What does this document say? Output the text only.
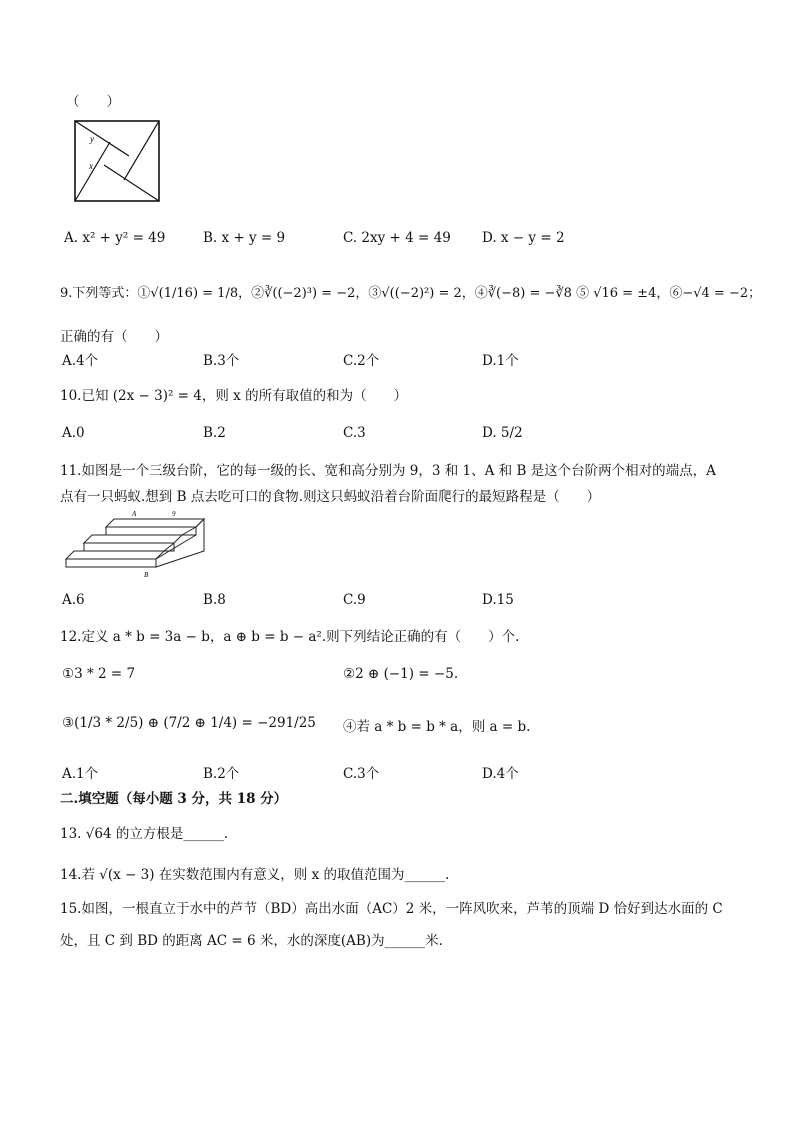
（　　）
y
x
A. x² + y² = 49	B. x + y = 9	C. 2xy + 4 = 49 D. x − y = 2
9.下列等式：①√(1/16) = 1/8，②∛((−2)³) = −2，③√((−2)²) = 2，④∛(−8) = −∛8 ⑤ √16 = ±4，⑥−√4 = −2；
正确的有（　　）
A.4个	B.3个	C.2个	D.1个
10.已知 (2x − 3)² = 4，则 x 的所有取值的和为（　　）
A.0	B.2	C.3	D. 5/2
11.如图是一个三级台阶，它的每一级的长、宽和高分别为 9，3 和 1、A 和 B 是这个台阶两个相对的端点，A
点有一只蚂蚁.想到 B 点去吃可口的食物.则这只蚂蚁沿着台阶面爬行的最短路程是（　　）
A	9
B
A.6	B.8	C.9	D.15
12.定义 a * b = 3a − b，a ⊕ b = b − a².则下列结论正确的有（　　）个.
①3 * 2 = 7	②2 ⊕ (−1) = −5.
③(1/3 * 2/5) ⊕ (7/2 ⊕ 1/4) = −291/25 ④若 a * b = b * a，则 a = b.
A.1个	B.2个	C.3个	D.4个
二.填空题（每小题 3 分，共 18 分）
13. √64 的立方根是______.
14.若 √(x − 3) 在实数范围内有意义，则 x 的取值范围为______.
15.如图，一根直立于水中的芦节（BD）高出水面（AC）2 米，一阵风吹来，芦苇的顶端 D 恰好到达水面的 C
处，且 C 到 BD 的距离 AC = 6 米，水的深度(AB)为______米.
